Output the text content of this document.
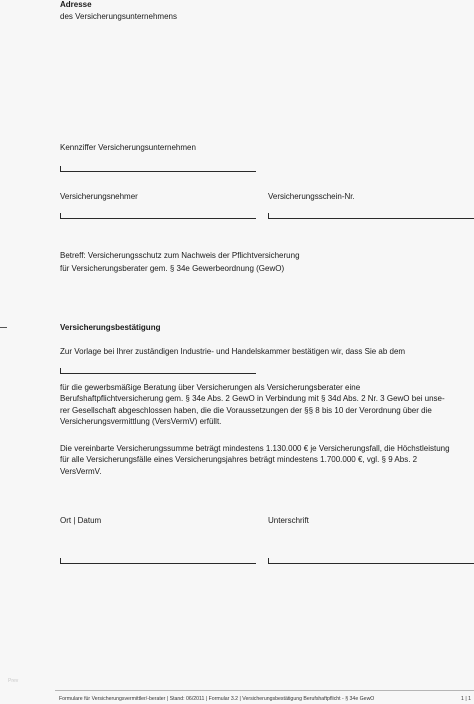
Adresse
des Versicherungsunternehmens
Kennziffer Versicherungsunternehmen
Versicherungsnehmer	Versicherungsschein-Nr.
Betreff: Versicherungsschutz zum Nachweis der Pflichtversicherung
für Versicherungsberater gem. § 34e Gewerbeordnung (GewO)
Versicherungsbestätigung
Zur Vorlage bei Ihrer zuständigen Industrie- und Handelskammer bestätigen wir, dass Sie ab dem
für die gewerbsmäßige Beratung über Versicherungen als Versicherungsberater eine
Berufshaftpflichtversicherung gem. § 34e Abs. 2 GewO in Verbindung mit § 34d Abs. 2 Nr. 3 GewO bei unse-
rer Gesellschaft abgeschlossen haben, die die Voraussetzungen der §§ 8 bis 10 der Verordnung über die
Versicherungsvermittlung (VersVermV) erfüllt.
Die vereinbarte Versicherungssumme beträgt mindestens 1.130.000 € je Versicherungsfall, die Höchstleistung
für alle Versicherungsfälle eines Versicherungsjahres beträgt mindestens 1.700.000 €, vgl. § 9 Abs. 2
VersVermV.
Ort | Datum	Unterschrift
Prev
Formulare für Versicherungsvermittler/-berater | Stand: 06/2011 | Formular 3.2 | Versicherungsbestätigung Berufshaftpflicht - § 34e GewO	1 | 1
